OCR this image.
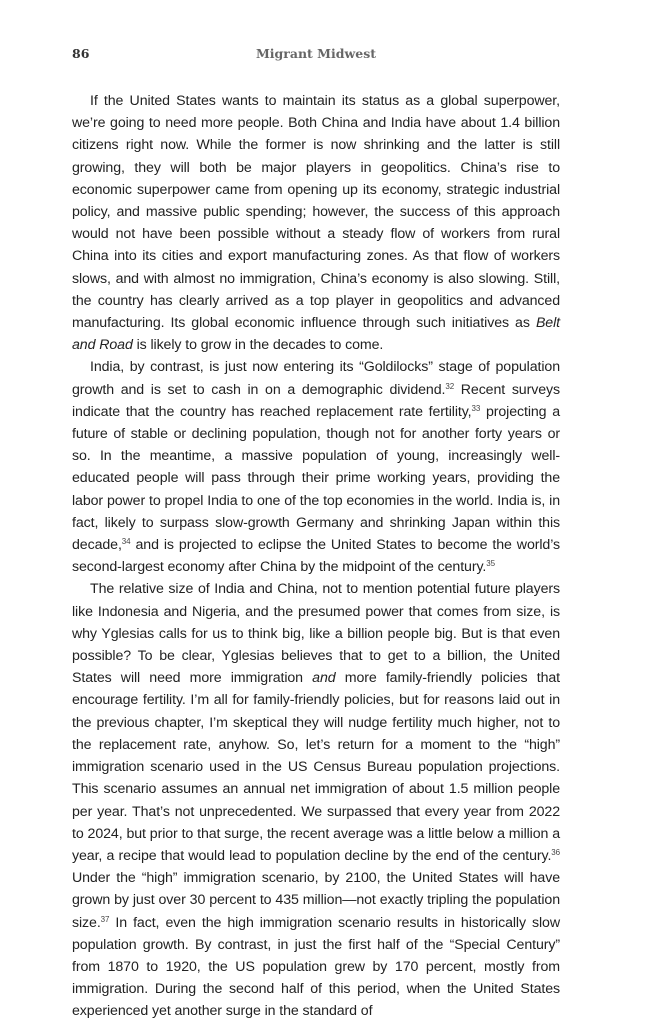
86	Migrant Midwest

If the United States wants to maintain its status as a global superpower, we’re going to need more people. Both China and India have about 1.4 billion citizens right now. While the former is now shrinking and the latter is still growing, they will both be major players in geopolitics. China’s rise to economic superpower came from opening up its economy, strategic industrial policy, and massive public spending; however, the success of this approach would not have been possible without a steady flow of workers from rural China into its cities and export manufacturing zones. As that flow of workers slows, and with almost no immigration, China’s economy is also slowing. Still, the country has clearly arrived as a top player in geopolitics and advanced manufacturing. Its global economic influence through such initiatives as Belt and Road is likely to grow in the decades to come.

India, by contrast, is just now entering its “Goldilocks” stage of population growth and is set to cash in on a demographic dividend.$^{32}$ Recent surveys indicate that the country has reached replacement rate fertility,$^{33}$ projecting a future of stable or declining population, though not for another forty years or so. In the meantime, a massive population of young, increasingly well-educated people will pass through their prime working years, providing the labor power to propel India to one of the top economies in the world. India is, in fact, likely to surpass slow-growth Germany and shrinking Japan within this decade,$^{34}$ and is projected to eclipse the United States to become the world’s second-largest economy after China by the midpoint of the century.$^{35}$

The relative size of India and China, not to mention potential future players like Indonesia and Nigeria, and the presumed power that comes from size, is why Yglesias calls for us to think big, like a billion people big. But is that even possible? To be clear, Yglesias believes that to get to a billion, the United States will need more immigration and more family-friendly policies that encourage fertility. I’m all for family-friendly policies, but for reasons laid out in the previous chapter, I’m skeptical they will nudge fertility much higher, not to the replacement rate, anyhow. So, let’s return for a moment to the “high” immigration scenario used in the US Census Bureau population projections. This scenario assumes an annual net immigration of about 1.5 million people per year. That’s not unprecedented. We surpassed that every year from 2022 to 2024, but prior to that surge, the recent average was a little below a million a year, a recipe that would lead to population decline by the end of the century.$^{36}$ Under the “high” immigration scenario, by 2100, the United States will have grown by just over 30 percent to 435 million—not exactly tripling the population size.$^{37}$ In fact, even the high immigration scenario results in historically slow population growth. By contrast, in just the first half of the “Special Century” from 1870 to 1920, the US population grew by 170 percent, mostly from immigration. During the second half of this period, when the United States experienced yet another surge in the standard of
